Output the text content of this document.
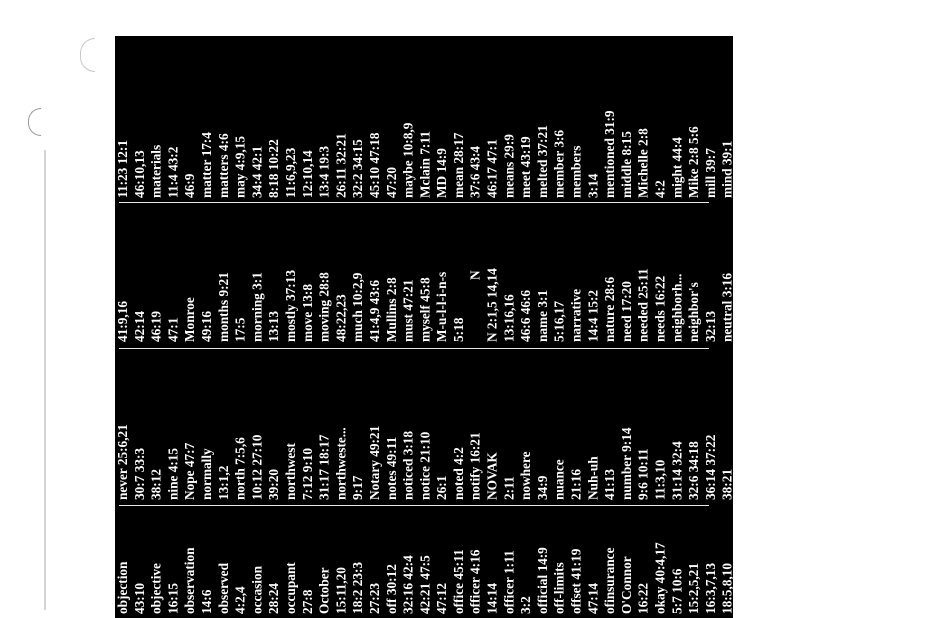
11:23 12:1 46:10,13 materials 11:4 43:2 46:9 matter 17:4 matters 4:6 may 4:9,15 34:4 42:1 8:18 10:22 11:6,9,23 12:10,14 13:4 19:3 26:11 32:21 32:2 34:15 45:10 47:18 47:20 maybe 10:8,9 Mclain 7:11 MD 14:9 mean 28:17 37:6 43:4 46:17 47:1 means 29:9 meet 43:19 melted 37:21 member 3:6 members 3:14 mentioned 31:9 middle 8:15 Michelle 2:8 4:2 might 44:4 Mike 2:8 5:6 mill 39:7 mind 39:1 minute 42:19 47:9 missing 8:13 Missouri 6:20 mixed 10:8 11:12 mixture 46:18 Mm-hmm 36:16 37:18 money 40:11
41:9,16 42:14 46:19 47:1 Monroe 49:16 months 9:21 17:5 morning 3:1 13:13 mostly 37:13 move 13:8 moving 28:8 48:22,23 much 10:2,9 41:4,9 43:6 Mullins 2:8 must 47:21 myself 45:8 M-u-l-l-i-n-s 5:18
N N 2:1,5 14,14 13:16,16 46:6 46:6 name 3:1 5:16,17 narrative 14:4 15:2 nature 28:6 need 17:20 needed 25:11 needs 16:22 neighborh... neighbor's 32:13 neutral 3:16
never 25:6,21 30:7 33:3 38:12 nine 4:15 Nope 47:7 normally 13:1,2 north 7:5,6 10:12 27:10 39:20 northwest 7:12 9:10 31:17 18:17 northweste... 9:17 Notary 49:21 notes 49:11 noticed 3:18 notice 21:10 26:1 noted 4:2 notify 16:21 NOVAK 2:11 nowhere 34:9 nuance 21:16 Nuh-uh 41:13 number 9:14 9:6 10:11 11:3,10 31:14 32:4 32:6 34:18 36:14 37:22 38:21
O
O 5:14 13:16 13:16 27:6 oath 49:6 object 44:15 45:9
objection 43:10 objective 16:15 observation 14:6 observed 4:2,4 occasion 28:24 occupant 27:8 October 15:11,20 18:2 23:3 27:23 off 30:12 32:16 42:4 42:21 47:5 47:12 office 45:11 officer 4:16 14:14 officer 1:11 3:2 official 14:9 off-limits offset 41:19 47:14 ofinsurance O'Connor 16:22 okay 40:4,17 5:7 10:6 15:2,5,21 16:3,7,13 18:5,8,10 18:14,21 19:14,18 20:12,21 21:5,15 23:16,24 24:24 27:18
